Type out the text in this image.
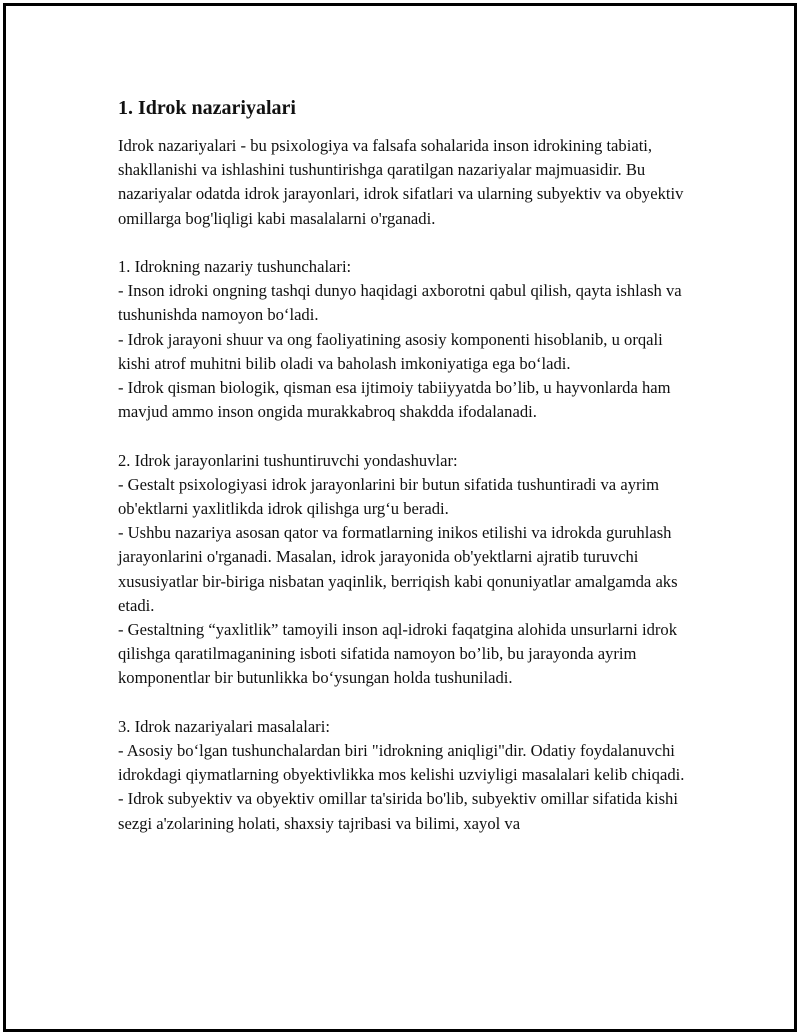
1. Idrok nazariyalari

Idrok nazariyalari - bu psixologiya va falsafa sohalarida inson idrokining tabiati, shakllanishi va ishlashini tushuntirishga qaratilgan nazariyalar majmuasidir. Bu nazariyalar odatda idrok jarayonlari, idrok sifatlari va ularning subyektiv va obyektiv omillarga bog'liqligi kabi masalalarni o'rganadi.

1. Idrokning nazariy tushunchalari:

- Inson idroki ongning tashqi dunyo haqidagi axborotni qabul qilish, qayta ishlash va tushunishda namoyon bo‘ladi.

- Idrok jarayoni shuur va ong faoliyatining asosiy komponenti hisoblanib, u orqali kishi atrof muhitni bilib oladi va baholash imkoniyatiga ega bo‘ladi.

- Idrok qisman biologik, qisman esa ijtimoiy tabiiyyatda bo’lib, u hayvonlarda ham mavjud ammo inson ongida murakkabroq shakdda ifodalanadi.

2. Idrok jarayonlarini tushuntiruvchi yondashuvlar:

- Gestalt psixologiyasi idrok jarayonlarini bir butun sifatida tushuntiradi va ayrim ob'ektlarni yaxlitlikda idrok qilishga urg‘u beradi.

- Ushbu nazariya asosan qator va formatlarning inikos etilishi va idrokda guruhlash jarayonlarini o'rganadi. Masalan, idrok jarayonida ob'yektlarni ajratib turuvchi xususiyatlar bir-biriga nisbatan yaqinlik, berriqish kabi qonuniyatlar amalgamda aks etadi.

- Gestaltning “yaxlitlik” tamoyili inson aql-idroki faqatgina alohida unsurlarni idrok qilishga qaratilmaganining isboti sifatida namoyon bo’lib, bu jarayonda ayrim komponentlar bir butunlikka bo‘ysungan holda tushuniladi.

3. Idrok nazariyalari masalalari:

- Asosiy bo‘lgan tushunchalardan biri "idrokning aniqligi"dir. Odatiy foydalanuvchi idrokdagi qiymatlarning obyektivlikka mos kelishi uzviyligi masalalari kelib chiqadi.

- Idrok subyektiv va obyektiv omillar ta'sirida bo'lib, subyektiv omillar sifatida kishi sezgi a'zolarining holati, shaxsiy tajribasi va bilimi, xayol va
